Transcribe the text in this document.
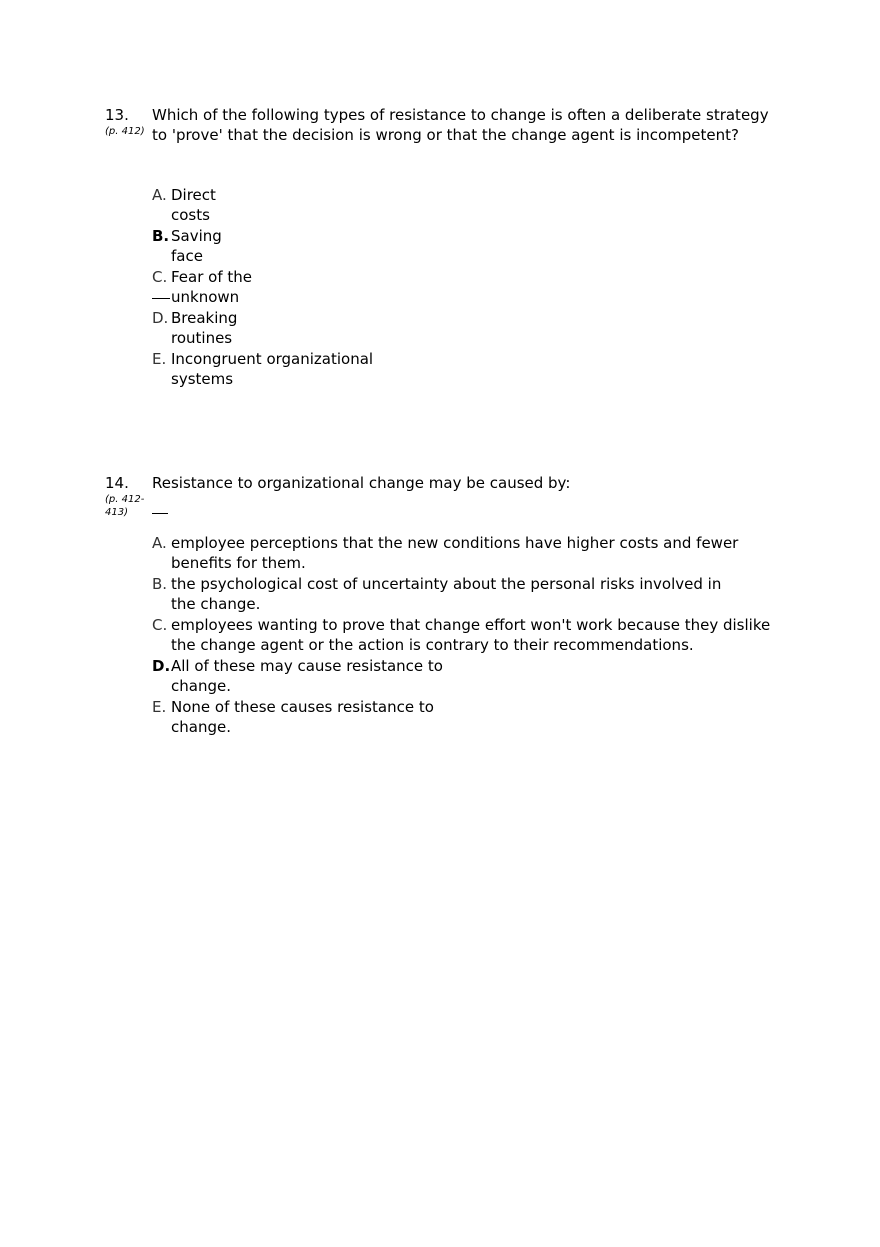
13.
(p. 412)
Which of the following types of resistance to change is often a deliberate strategy
to 'prove' that the decision is wrong or that the change agent is incompetent?
A. Direct
costs
B. Saving
face
C. Fear of the
unknown
D. Breaking
routines
E. Incongruent organizational
systems
14.
(p. 412-
413)
Resistance to organizational change may be caused by:
A. employee perceptions that the new conditions have higher costs and fewer
benefits for them.
B. the psychological cost of uncertainty about the personal risks involved in
the change.
C. employees wanting to prove that change effort won't work because they dislike
the change agent or the action is contrary to their recommendations.
D. All of these may cause resistance to
change.
E. None of these causes resistance to
change.
